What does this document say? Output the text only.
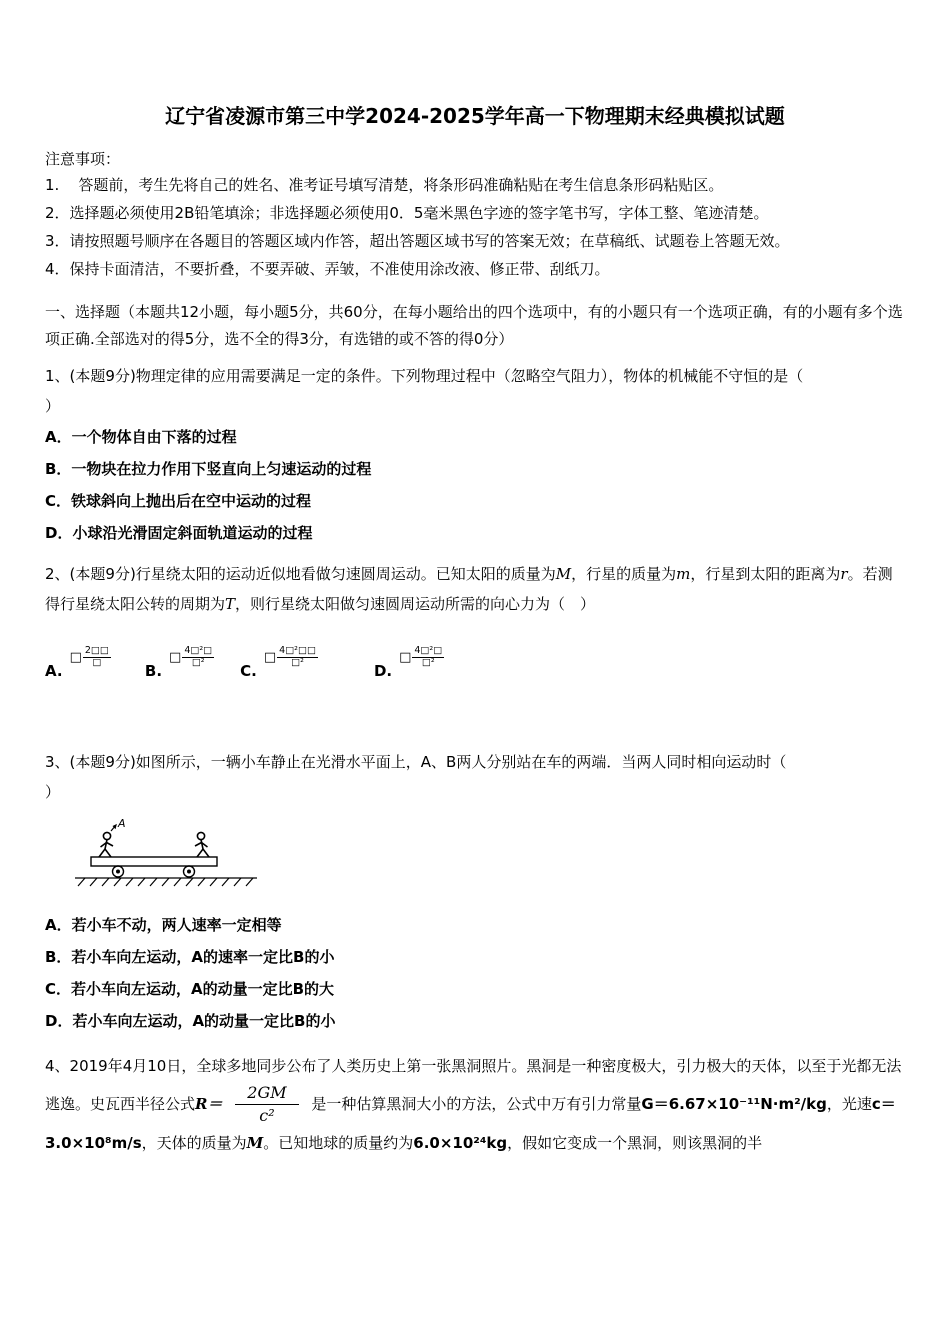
辽宁省凌源市第三中学2024-2025学年高一下物理期末经典模拟试题
注意事项：
1.    答题前，考生先将自己的姓名、准考证号填写清楚，将条形码准确粘贴在考生信息条形码粘贴区。
2．选择题必须使用2B铅笔填涂；非选择题必须使用0．5毫米黑色字迹的签字笔书写，字体工整、笔迹清楚。
3．请按照题号顺序在各题目的答题区域内作答，超出答题区域书写的答案无效；在草稿纸、试题卷上答题无效。
4．保持卡面清洁，不要折叠，不要弄破、弄皱，不准使用涂改液、修正带、刮纸刀。
一、选择题（本题共12小题，每小题5分，共60分，在每小题给出的四个选项中，有的小题只有一个选项正确，有的小题有多个选项正确.全部选对的得5分，选不全的得3分，有选错的或不答的得0分）
1、(本题9分)物理定律的应用需要满足一定的条件。下列物理过程中（忽略空气阻力），物体的机械能不守恒的是（
）
A．一个物体自由下落的过程
B．一物块在拉力作用下竖直向上匀速运动的过程
C．铁球斜向上抛出后在空中运动的过程
D．小球沿光滑固定斜面轨道运动的过程
2、(本题9分)行星绕太阳的运动近似地看做匀速圆周运动。已知太阳的质量为M，行星的质量为m，行星到太阳的距离为r。若测得行星绕太阳公转的周期为T，则行星绕太阳做匀速圆周运动所需的向心力为（　）
A.
□ $\frac{2□□}{□}$
B.
□ $\frac{\text{4□²□}}{\text{□²}}$
C.
□ $\frac{\text{4□²□□}}{\text{□²}}$
D.
□ $\frac{\text{4□²□}}{\text{□²}}$
3、(本题9分)如图所示，一辆小车静止在光滑水平面上，A、B两人分别站在车的两端．当两人同时相向运动时（
）
A
A．若小车不动，两人速率一定相等
B．若小车向左运动，A的速率一定比B的小
C．若小车向左运动，A的动量一定比B的大
D．若小车向左运动，A的动量一定比B的小
4、2019年4月10日，全球多地同步公布了人类历史上第一张黑洞照片。黑洞是一种密度极大，引力极大的天体，以至于光都无法逃逸。史瓦西半径公式$R= \frac{2GM}{\text{c²}}$ 是一种估算黑洞大小的方法，公式中万有引力常量G＝6.67×10⁻¹¹N·m²/kg，光速c＝3.0×10⁸m/s，天体的质量为M。已知地球的质量约为6.0×10²⁴kg，假如它变成一个黑洞，则该黑洞的半
